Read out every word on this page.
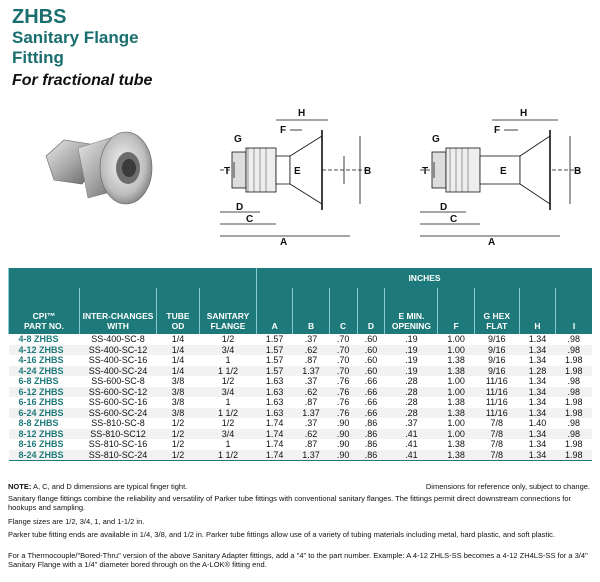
ZHBS
Sanitary Flange
Fitting
For fractional tube
H
F
G
T	E	B
D
C
A
H
F
G
T	E	B
D
C
A
				INCHES								
CPI™
PART NO.	INTER-CHANGES WITH	TUBE OD	SANITARY FLANGE	A	B	C	D	E MIN. OPENING	F	G HEX FLAT	H	I
4-8 ZHBS	SS-400-SC-8	1/4	1/2	1.57	.37	.70	.60	.19	1.00	9/16	1.34	.98
4-12 ZHBS	SS-400-SC-12	1/4	3/4	1.57	.62	.70	.60	.19	1.00	9/16	1.34	.98
4-16 ZHBS	SS-400-SC-16	1/4	1	1.57	.87	.70	.60	.19	1.38	9/16	1.34	1.98
4-24 ZHBS	SS-400-SC-24	1/4	1 1/2	1.57	1.37	.70	.60	.19	1.38	9/16	1.28	1.98
6-8 ZHBS	SS-600-SC-8	3/8	1/2	1.63	.37	.76	.66	.28	1.00	11/16	1.34	.98
6-12 ZHBS	SS-600-SC-12	3/8	3/4	1.63	.62	.76	.66	.28	1.00	11/16	1.34	.98
6-16 ZHBS	SS-600-SC-16	3/8	1	1.63	.87	.76	.66	.28	1.38	11/16	1.34	1.98
6-24 ZHBS	SS-600-SC-24	3/8	1 1/2	1.63	1.37	.76	.66	.28	1.38	11/16	1.34	1.98
8-8 ZHBS	SS-810-SC-8	1/2	1/2	1.74	.37	.90	.86	.37	1.00	7/8	1.40	.98
8-12 ZHBS	SS-810-SC12	1/2	3/4	1.74	.62	.90	.86	.41	1.00	7/8	1.34	.98
8-16 ZHBS	SS-810-SC-16	1/2	1	1.74	.87	.90	.86	.41	1.38	7/8	1.34	1.98
8-24 ZHBS	SS-810-SC-24	1/2	1 1/2	1.74	1.37	.90	.86	.41	1.38	7/8	1.34	1.98
NOTE: A, C, and D dimensions are typical finger tight.	Dimensions for reference only, subject to change.
Sanitary flange fittings combine the reliability and versatility of Parker tube fittings with conventional sanitary flanges. The fittings permit direct downstream connections for hookups and sampling.
Flange sizes are 1/2, 3/4, 1, and 1-1/2 in.
Parker tube fitting ends are available in 1/4, 3/8, and 1/2 in. Parker tube fittings allow use of a variety of tubing materials including metal, hard plastic, and soft plastic.
For a Thermocouple/"Bored-Thru" version of the above Sanitary Adapter fittings, add a "4" to the part number. Example: A 4-12 ZHLS-SS becomes a 4-12 ZH4LS-SS for a 3/4" Sanitary Flange with a 1/4" diameter bored through on the A-LOK® fitting end.
